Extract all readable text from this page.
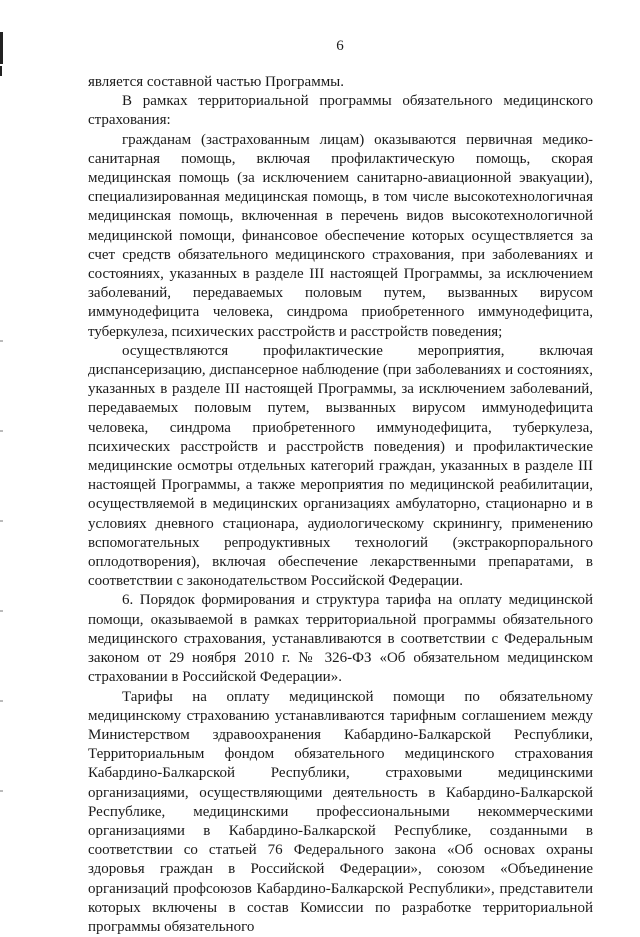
6

является составной частью Программы.

В рамках территориальной программы обязательного медицинского страхования:

гражданам (застрахованным лицам) оказываются первичная медико-санитарная помощь, включая профилактическую помощь, скорая медицинская помощь (за исключением санитарно-авиационной эвакуации), специализированная медицинская помощь, в том числе высокотехнологичная медицинская помощь, включенная в перечень видов высокотехнологичной медицинской помощи, финансовое обеспечение которых осуществляется за счет средств обязательного медицинского страхования, при заболеваниях и состояниях, указанных в разделе III настоящей Программы, за исключением заболеваний, передаваемых половым путем, вызванных вирусом иммунодефицита человека, синдрома приобретенного иммунодефицита, туберкулеза, психических расстройств и расстройств поведения;

осуществляются профилактические мероприятия, включая диспансеризацию, диспансерное наблюдение (при заболеваниях и состояниях, указанных в разделе III настоящей Программы, за исключением заболеваний, передаваемых половым путем, вызванных вирусом иммунодефицита человека, синдрома приобретенного иммунодефицита, туберкулеза, психических расстройств и расстройств поведения) и профилактические медицинские осмотры отдельных категорий граждан, указанных в разделе III настоящей Программы, а также мероприятия по медицинской реабилитации, осуществляемой в медицинских организациях амбулаторно, стационарно и в условиях дневного стационара, аудиологическому скринингу, применению вспомогательных репродуктивных технологий (экстракорпорального оплодотворения), включая обеспечение лекарственными препаратами, в соответствии с законодательством Российской Федерации.

6. Порядок формирования и структура тарифа на оплату медицинской помощи, оказываемой в рамках территориальной программы обязательного медицинского страхования, устанавливаются в соответствии с Федеральным законом от 29 ноября 2010 г. № 326-ФЗ «Об обязательном медицинском страховании в Российской Федерации».

Тарифы на оплату медицинской помощи по обязательному медицинскому страхованию устанавливаются тарифным соглашением между Министерством здравоохранения Кабардино-Балкарской Республики, Территориальным фондом обязательного медицинского страхования Кабардино-Балкарской Республики, страховыми медицинскими организациями, осуществляющими деятельность в Кабардино-Балкарской Республике, медицинскими профессиональными некоммерческими организациями в Кабардино-Балкарской Республике, созданными в соответствии со статьей 76 Федерального закона «Об основах охраны здоровья граждан в Российской Федерации», союзом «Объединение организаций профсоюзов Кабардино-Балкарской Республики», представители которых включены в состав Комиссии по разработке территориальной программы обязательного
